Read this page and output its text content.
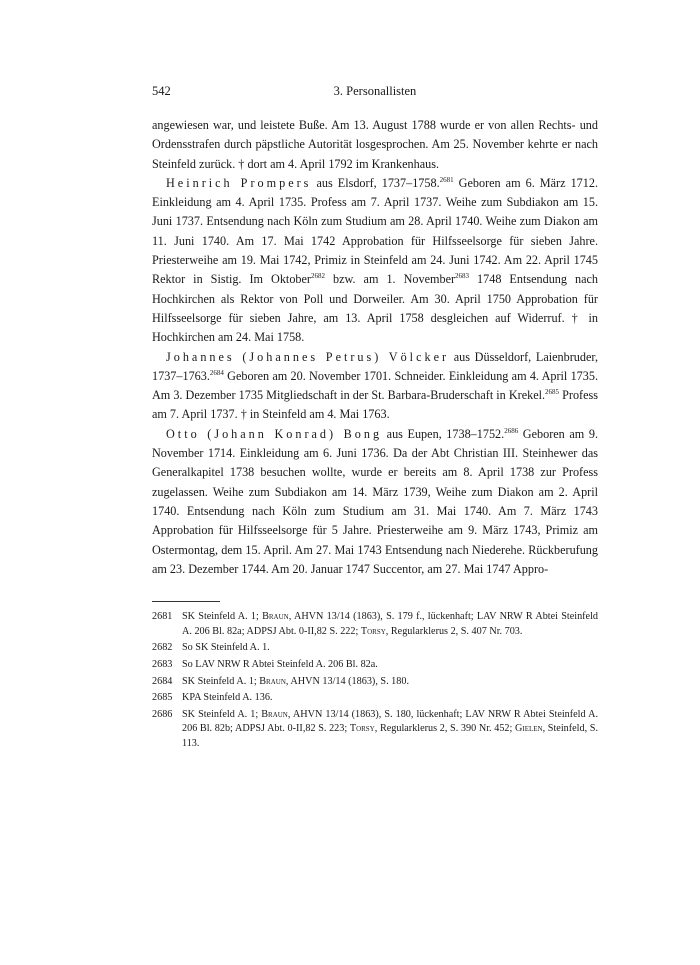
542	3. Personallisten

angewiesen war, und leistete Buße. Am 13. August 1788 wurde er von allen Rechts- und Ordensstrafen durch päpstliche Autorität losgesprochen. Am 25. November kehrte er nach Steinfeld zurück. † dort am 4. April 1792 im Krankenhaus.

Heinrich Prompers aus Elsdorf, 1737–1758.$^{2681}$ Geboren am 6. März 1712. Einkleidung am 4. April 1735. Profess am 7. April 1737. Weihe zum Subdiakon am 15. Juni 1737. Entsendung nach Köln zum Studium am 28. April 1740. Weihe zum Diakon am 11. Juni 1740. Am 17. Mai 1742 Approbation für Hilfsseelsorge für sieben Jahre. Priesterweihe am 19. Mai 1742, Primiz in Steinfeld am 24. Juni 1742. Am 22. April 1745 Rektor in Sistig. Im Oktober$^{2682}$ bzw. am 1. November$^{2683}$ 1748 Entsendung nach Hochkirchen als Rektor von Poll und Dorweiler. Am 30. April 1750 Approbation für Hilfsseelsorge für sieben Jahre, am 13. April 1758 desgleichen auf Widerruf. † in Hochkirchen am 24. Mai 1758.

Johannes (Johannes Petrus) Völcker aus Düsseldorf, Laienbruder, 1737–1763.$^{2684}$ Geboren am 20. November 1701. Schneider. Einkleidung am 4. April 1735. Am 3. Dezember 1735 Mitgliedschaft in der St. Barbara-Bruderschaft in Krekel.$^{2685}$ Profess am 7. April 1737. † in Steinfeld am 4. Mai 1763.

Otto (Johann Konrad) Bong aus Eupen, 1738–1752.$^{2686}$ Geboren am 9. November 1714. Einkleidung am 6. Juni 1736. Da der Abt Christian III. Steinhewer das Generalkapitel 1738 besuchen wollte, wurde er bereits am 8. April 1738 zur Profess zugelassen. Weihe zum Subdiakon am 14. März 1739, Weihe zum Diakon am 2. April 1740. Entsendung nach Köln zum Studium am 31. Mai 1740. Am 7. März 1743 Approbation für Hilfsseelsorge für 5 Jahre. Priesterweihe am 9. März 1743, Primiz am Ostermontag, dem 15. April. Am 27. Mai 1743 Entsendung nach Niederehe. Rückberufung am 23. Dezember 1744. Am 20. Januar 1747 Succentor, am 27. Mai 1747 Appro-

2681 SK Steinfeld A. 1; Braun, AHVN 13/14 (1863), S. 179 f., lückenhaft; LAV NRW R Abtei Steinfeld A. 206 Bl. 82a; ADPSJ Abt. 0-II,82 S. 222; Torsy, Regularklerus 2, S. 407 Nr. 703.
2682 So SK Steinfeld A. 1.
2683 So LAV NRW R Abtei Steinfeld A. 206 Bl. 82a.
2684 SK Steinfeld A. 1; Braun, AHVN 13/14 (1863), S. 180.
2685 KPA Steinfeld A. 136.
2686 SK Steinfeld A. 1; Braun, AHVN 13/14 (1863), S. 180, lückenhaft; LAV NRW R Abtei Steinfeld A. 206 Bl. 82b; ADPSJ Abt. 0-II,82 S. 223; Torsy, Regularklerus 2, S. 390 Nr. 452; Gielen, Steinfeld, S. 113.
